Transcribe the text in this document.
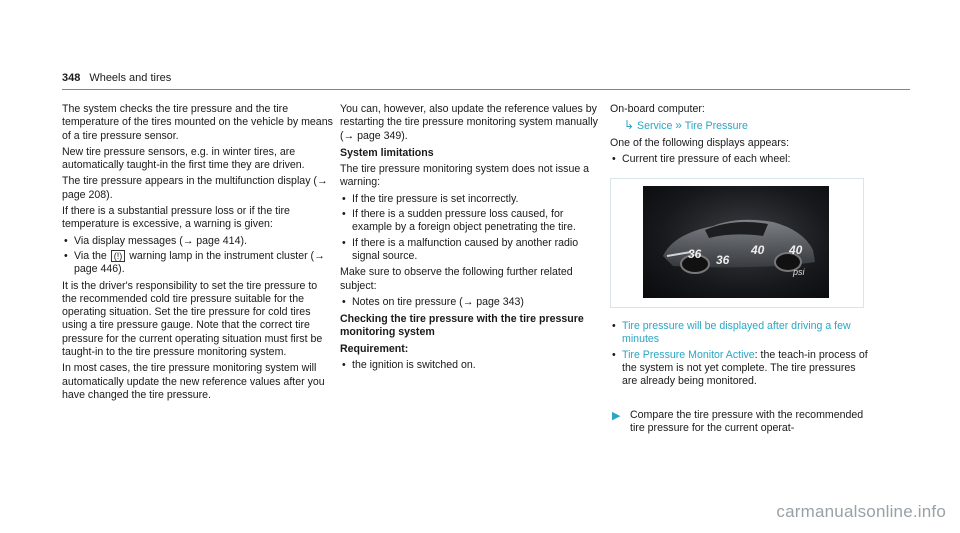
348 Wheels and tires

The system checks the tire pressure and the tire temperature of the tires mounted on the vehicle by means of a tire pressure sensor.

New tire pressure sensors, e.g. in winter tires, are automatically taught-in the first time they are driven.

The tire pressure appears in the multifunction display (→ page 208).

If there is a substantial pressure loss or if the tire temperature is excessive, a warning is given:

• Via display messages (→ page 414).
• Via the (!) warning lamp in the instrument cluster (→ page 446).

It is the driver's responsibility to set the tire pressure to the recommended cold tire pressure suitable for the operating situation. Set the tire pressure for cold tires using a tire pressure gauge. Note that the correct tire pressure for the current operating situation must first be taught-in to the tire pressure monitoring system.

In most cases, the tire pressure monitoring system will automatically update the new reference values after you have changed the tire pressure.

You can, however, also update the reference values by restarting the tire pressure monitoring system manually (→ page 349).

System limitations

The tire pressure monitoring system does not issue a warning:

• If the tire pressure is set incorrectly.
• If there is a sudden pressure loss caused, for example by a foreign object penetrating the tire.
• If there is a malfunction caused by another radio signal source.

Make sure to observe the following further related subject:

• Notes on tire pressure (→ page 343)

Checking the tire pressure with the tire pressure monitoring system

Requirement:

• the ignition is switched on.

On-board computer:

↳ Service » Tire Pressure

One of the following displays appears:

• Current tire pressure of each wheel:
36 36
40 40
psi
• Tire pressure will be displayed after driving a few minutes
• Tire Pressure Monitor Active: the teach-in process of the system is not yet complete. The tire pressures are already being monitored.
▶ Compare the tire pressure with the recommended tire pressure for the current operat-
carmanualsonline.info
